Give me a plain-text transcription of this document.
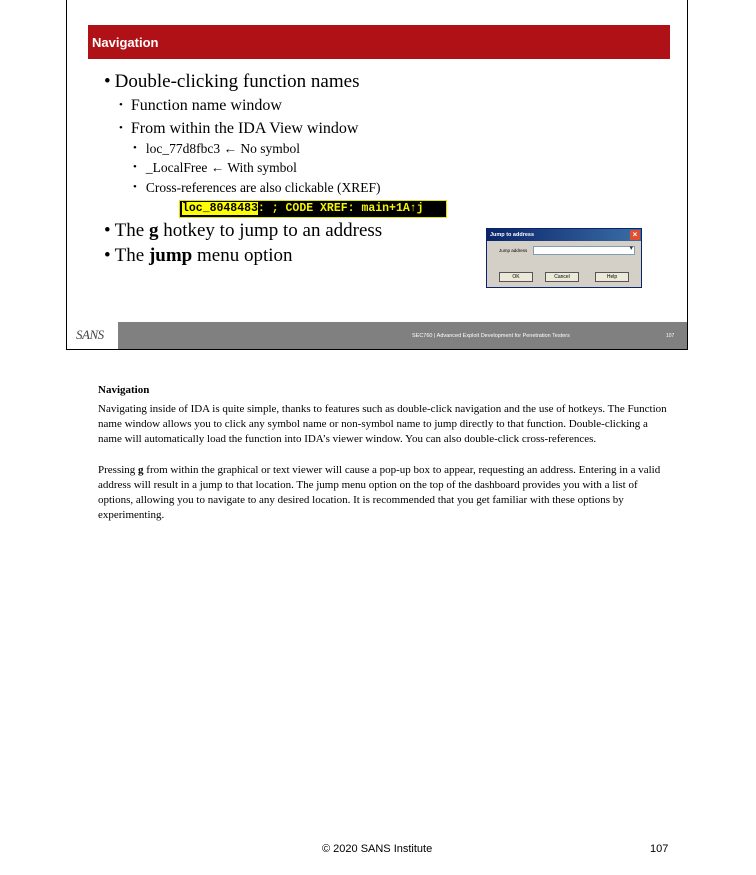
Navigation
• Double-clicking function names
• Function name window
• From within the IDA View window
• loc_77d8fbc3 ← No symbol
• _LocalFree ← With symbol
• Cross-references are also clickable (XREF)
loc_8048483: ; CODE XREF: main+1A↑j
• The g hotkey to jump to an address
• The jump menu option
Jump to address	×
Jump address
▾
OK	Cancel	Help
SANS	SEC760 | Advanced Exploit Development for Penetration Testers	107
Navigation

Navigating inside of IDA is quite simple, thanks to features such as double-click navigation and the use of hotkeys. The Function name window allows you to click any symbol name or non-symbol name to jump directly to that function. Double-clicking a name will automatically load the function into IDA’s viewer window. You can also double-click cross-references.

Pressing g from within the graphical or text viewer will cause a pop-up box to appear, requesting an address. Entering in a valid address will result in a jump to that location. The jump menu option on the top of the dashboard provides you with a list of options, allowing you to navigate to any desired location. It is recommended that you get familiar with these options by experimenting.

© 2020 SANS Institute	107
